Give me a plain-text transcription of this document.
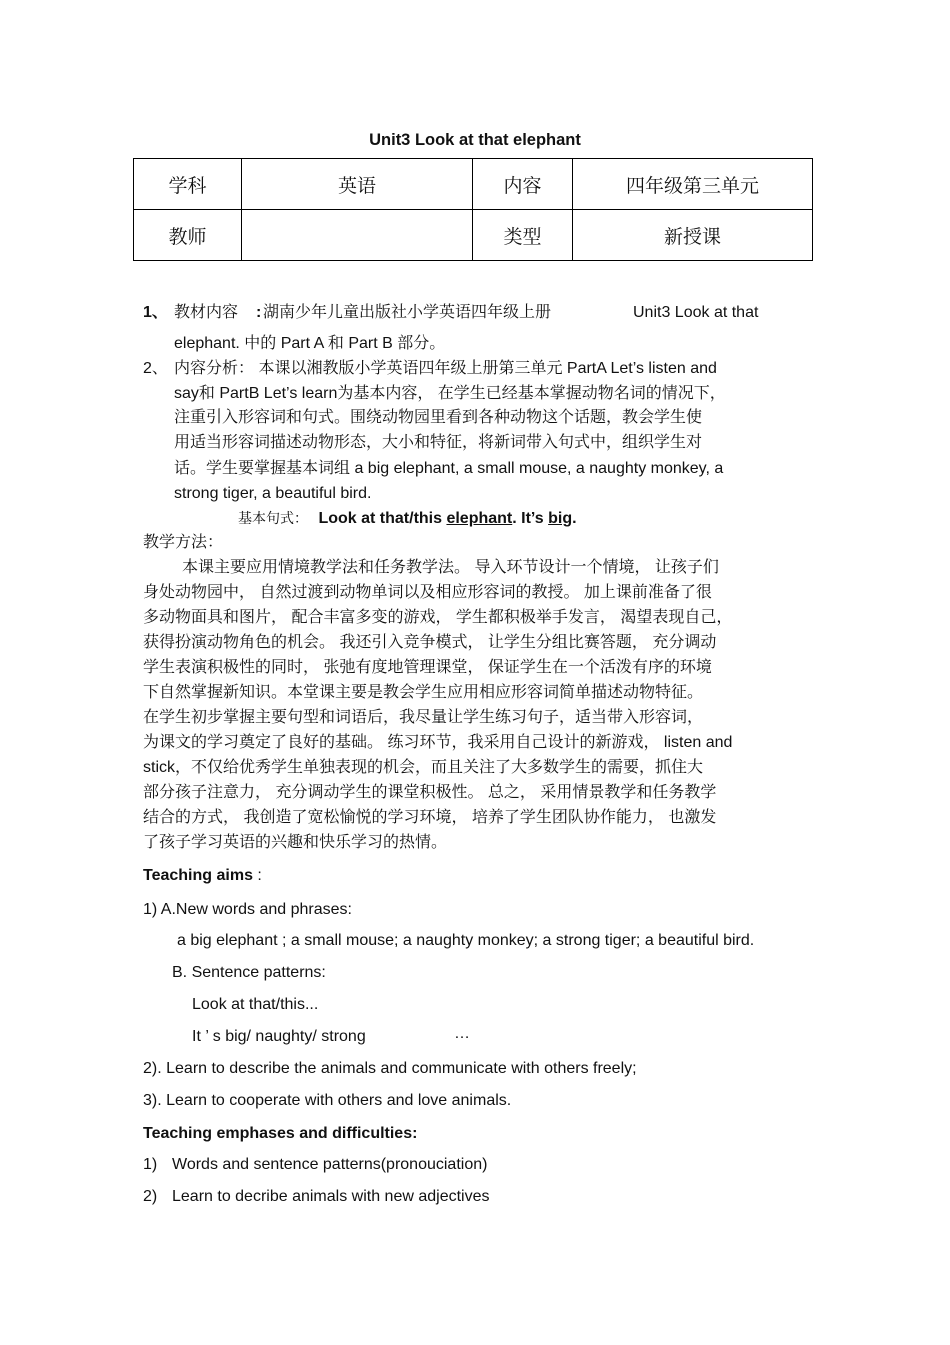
Unit3 Look at that elephant
学科	英语	内容	四年级第三单元
教师		类型	新授课
1、 教材内容 : 湖南少年儿童出版社小学英语四年级上册	Unit3 Look at that
elephant. 中的 Part A 和 Part B 部分。
2、 内容分析： 本课以湘教版小学英语四年级上册第三单元 PartA Let’s listen and
say和 PartB Let’s learn为基本内容， 在学生已经基本掌握动物名词的情况下，
注重引入形容词和句式。围绕动物园里看到各种动物这个话题，教会学生使
用适当形容词描述动物形态，大小和特征，将新词带入句式中，组织学生对
话。学生要掌握基本词组 a big elephant, a small mouse, a naughty monkey, a
strong tiger, a beautiful bird.
基本句式： Look at that/this elephant. It’s big.
教学方法：
本课主要应用情境教学法和任务教学法。 导入环节设计一个情境， 让孩子们
身处动物园中， 自然过渡到动物单词以及相应形容词的教授。 加上课前准备了很
多动物面具和图片， 配合丰富多变的游戏， 学生都积极举手发言， 渴望表现自己，
获得扮演动物角色的机会。 我还引入竞争模式， 让学生分组比赛答题， 充分调动
学生表演积极性的同时， 张弛有度地管理课堂， 保证学生在一个活泼有序的环境
下自然掌握新知识。本堂课主要是教会学生应用相应形容词简单描述动物特征。
在学生初步掌握主要句型和词语后，我尽量让学生练习句子，适当带入形容词，
为课文的学习奠定了良好的基础。 练习环节，我采用自己设计的新游戏， listen and
stick，不仅给优秀学生单独表现的机会，而且关注了大多数学生的需要，抓住大
部分孩子注意力， 充分调动学生的课堂积极性。 总之， 采用情景教学和任务教学
结合的方式， 我创造了宽松愉悦的学习环境， 培养了学生团队协作能力， 也激发
了孩子学习英语的兴趣和快乐学习的热情。
Teaching aims :
1) A.New words and phrases:
a big elephant ; a small mouse; a naughty monkey; a strong tiger; a beautiful bird.
B. Sentence patterns:
Look at that/this...
It ’ s big/ naughty/ strong	…
2). Learn to describe the animals and communicate with others freely;
3). Learn to cooperate with others and love animals.
Teaching emphases and difficulties:
1) Words and sentence patterns(pronouciation)
2) Learn to decribe animals with new adjectives
